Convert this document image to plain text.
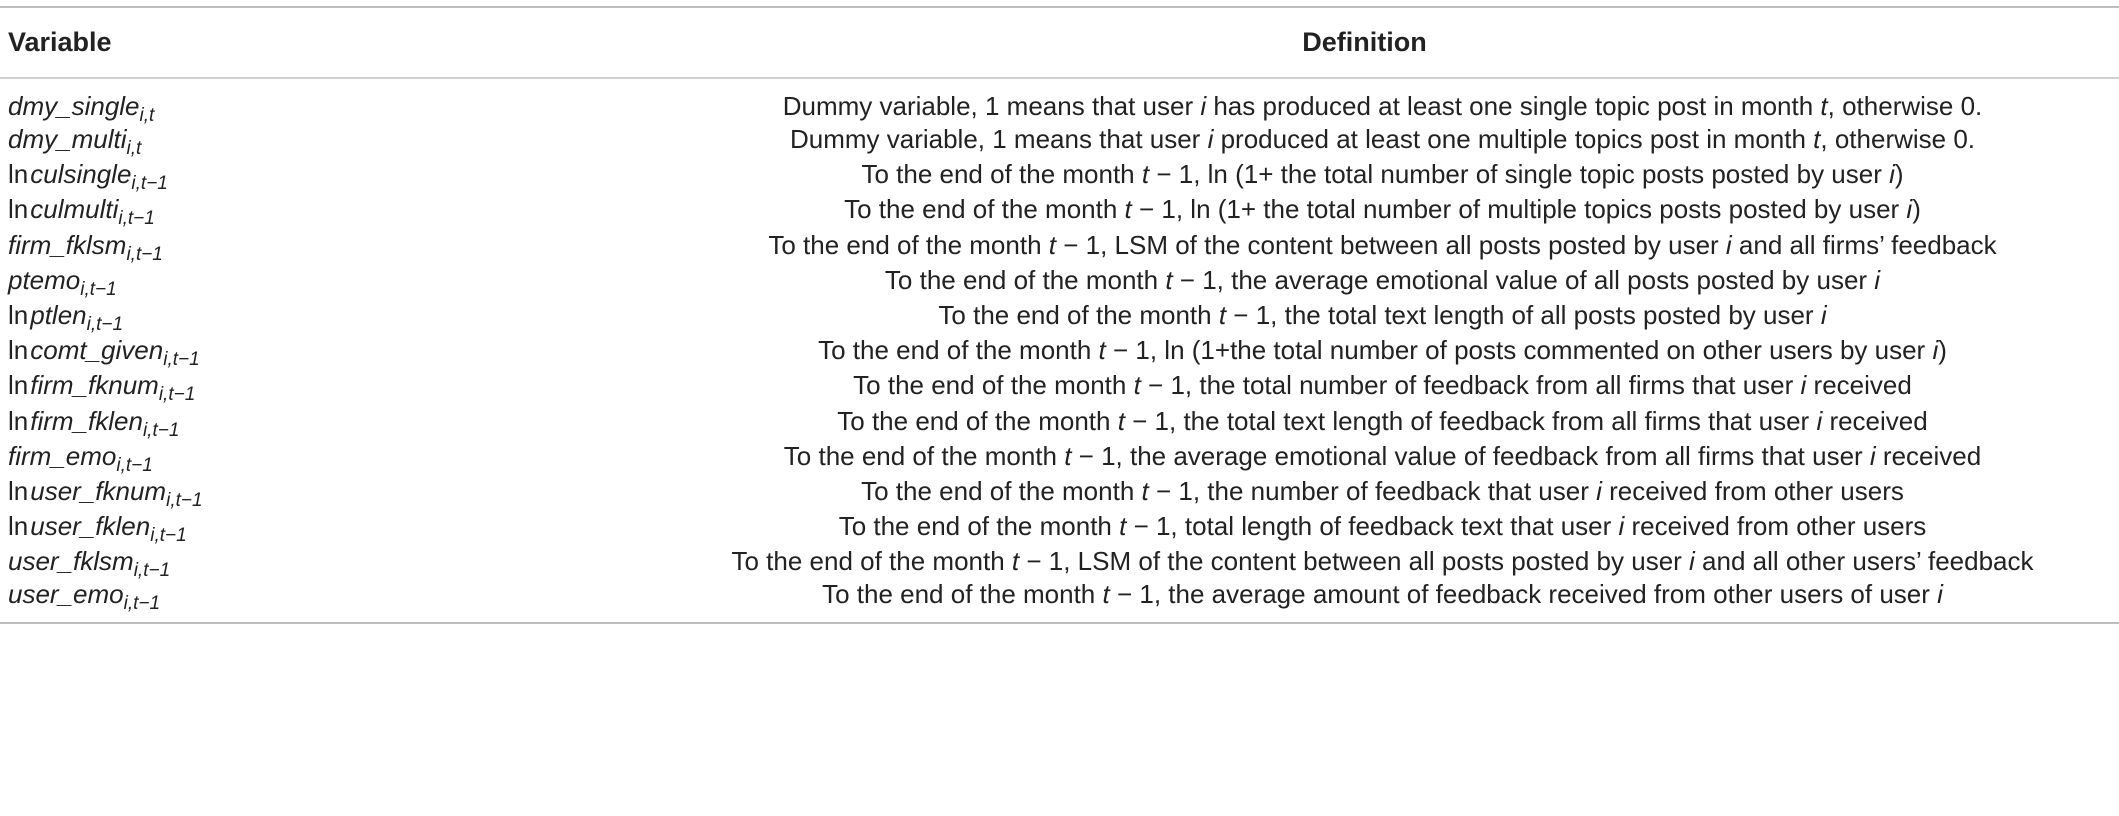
Variable	Definition
dmy_single$_{i,t}$	Dummy variable, 1 means that user i has produced at least one single topic post in month t, otherwise 0.
dmy_multi$_{i,t}$	Dummy variable, 1 means that user i produced at least one multiple topics post in month t, otherwise 0.
lnculsingle$_{i,t-1}$	To the end of the month t − 1, ln (1+ the total number of single topic posts posted by user i)
lnculmulti$_{i,t-1}$	To the end of the month t − 1, ln (1+ the total number of multiple topics posts posted by user i)
firm_fklsm$_{i,t-1}$	To the end of the month t − 1, LSM of the content between all posts posted by user i and all firms’ feedback
ptemo$_{i,t-1}$	To the end of the month t − 1, the average emotional value of all posts posted by user i
lnptlen$_{i,t-1}$	To the end of the month t − 1, the total text length of all posts posted by user i
lncomt_given$_{i,t-1}$	To the end of the month t − 1, ln (1+the total number of posts commented on other users by user i)
lnfirm_fknum$_{i,t-1}$	To the end of the month t − 1, the total number of feedback from all firms that user i received
lnfirm_fklen$_{i,t-1}$	To the end of the month t − 1, the total text length of feedback from all firms that user i received
firm_emo$_{i,t-1}$	To the end of the month t − 1, the average emotional value of feedback from all firms that user i received
lnuser_fknum$_{i,t-1}$	To the end of the month t − 1, the number of feedback that user i received from other users
lnuser_fklen$_{i,t-1}$	To the end of the month t − 1, total length of feedback text that user i received from other users
user_fklsm$_{i,t-1}$	To the end of the month t − 1, LSM of the content between all posts posted by user i and all other users’ feedback
user_emo$_{i,t-1}$	To the end of the month t − 1, the average amount of feedback received from other users of user i
